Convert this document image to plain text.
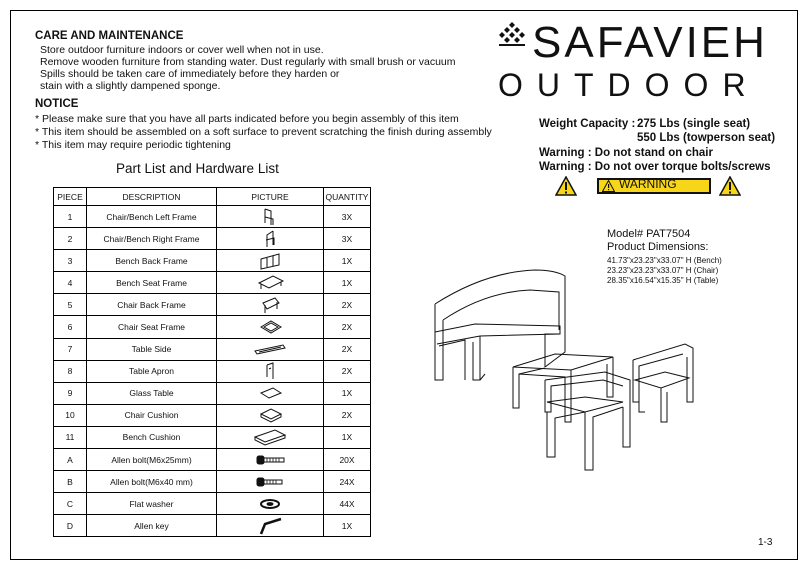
CARE AND MAINTENANCE
Store outdoor furniture indoors or cover well when not in use.
Remove wooden furniture from standing water. Dust regularly with small brush or vacuum
Spills should be taken care of immediately before they harden or
stain with a slightly dampened sponge.
NOTICE
* Please make sure that you have all parts indicated before you begin assembly of this item
* This item should be assembled on a soft surface to prevent scratching the finish during assembly
* This item may require periodic tightening
SAFAVIEH
OUTDOOR
Weight Capacity : 275 Lbs (single seat)
550 Lbs (towperson seat)
Warning : Do not stand on chair
Warning : Do not over torque bolts/screws
WARNING
Model# PAT7504
Product Dimensions:
41.73"x23.23"x33.07" H (Bench)
23.23"x23.23"x33.07" H (Chair)
28.35"x16.54"x15.35" H (Table)
Part List and Hardware List
PIECE	DESCRIPTION	PICTURE	QUANTITY
1	Chair/Bench Left Frame		3X
2	Chair/Bench Right Frame		3X
3	Bench Back Frame		1X
4	Bench Seat Frame		1X
5	Chair Back Frame		2X
6	Chair Seat Frame		2X
7	Table Side		2X
8	Table Apron		2X
9	Glass Table		1X
10	Chair Cushion		2X
11	Bench Cushion		1X
A	Allen bolt(M6x25mm)		20X
B	Allen bolt(M6x40 mm)		24X
C	Flat washer		44X
D	Allen key		1X
1-3
